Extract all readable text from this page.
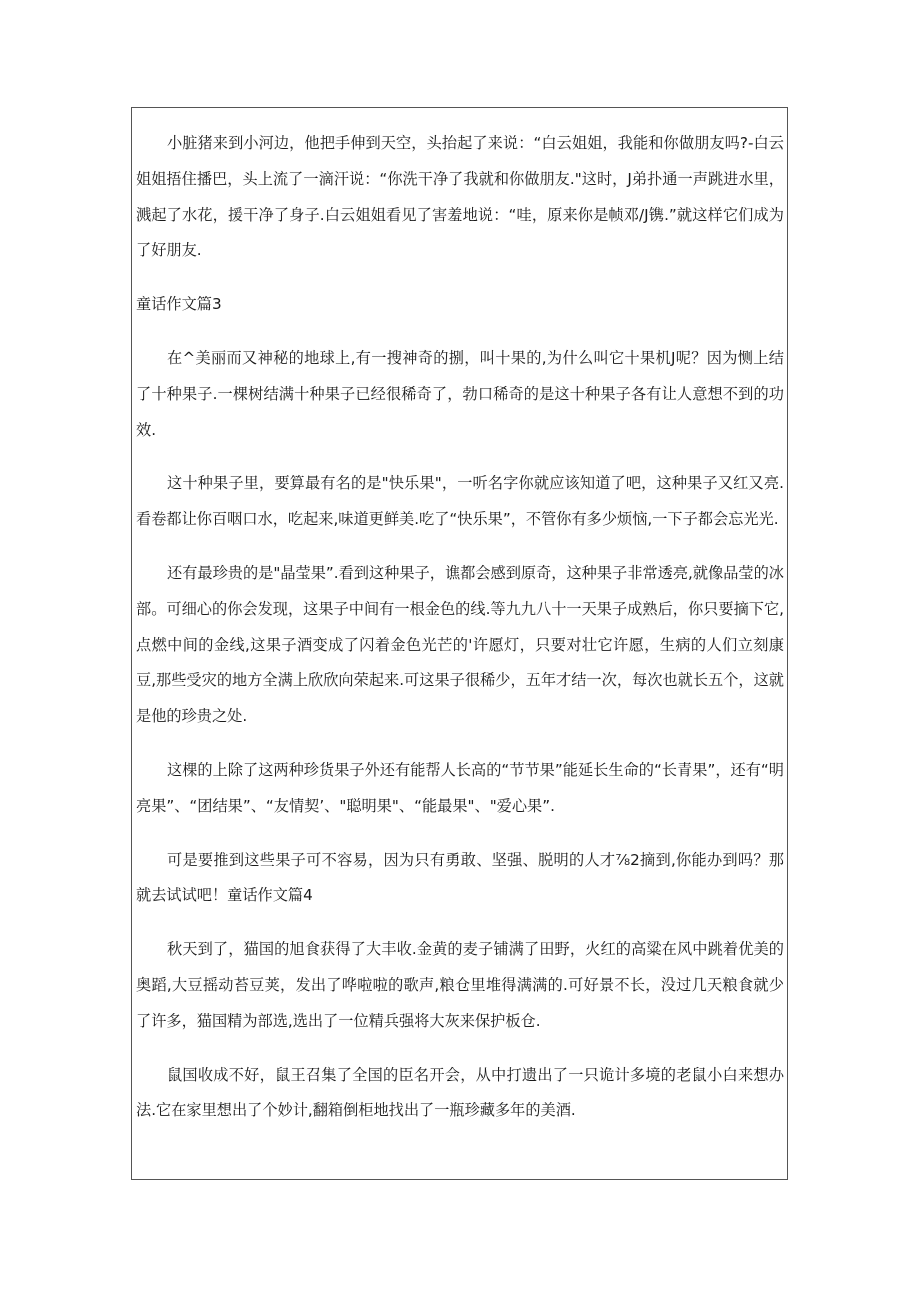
小脏猪来到小河边，他把手伸到天空，头抬起了来说：“白云姐姐，我能和你做朋友吗?-白云姐姐捂住播巴，头上流了一滴汗说：“你洗干净了我就和你做朋友."这时，J弟扑通一声跳进水里，溅起了水花，援干净了身子.白云姐姐看见了害羞地说：“哇，原来你是帧邓/J镌.”就这样它们成为了好朋友.

童话作文篇3

在^美丽而又神秘的地球上,有一搜神奇的捌，叫十果的,为什么叫它十果机J呢？因为恻上结了十种果子.一棵树结满十种果子已经很稀奇了，勃口稀奇的是这十种果子各有让人意想不到的功效.

这十种果子里，要算最有名的是"快乐果"，一听名字你就应该知道了吧，这种果子又红又亮.看卷都让你百咽口水，吃起来,味道更鲜美.吃了“快乐果”，不管你有多少烦恼,一下子都会忘光光.

还有最珍贵的是"晶莹果”.看到这种果子，谯都会感到原奇，这种果子非常透亮,就像品莹的冰部。可细心的你会发现，这果子中间有一根金色的线.等九九八十一天果子成熟后，你只要摘下它,点燃中间的金线,这果子酒变成了闪着金色光芒的'许愿灯，只要对壮它许愿，生病的人们立刻康豆,那些受灾的地方全满上欣欣向荣起来.可这果子很稀少，五年才结一次，每次也就长五个，这就是他的珍贵之处.

这棵的上除了这两种珍货果子外还有能帮人长高的“节节果”能延长生命的“长青果”，还有“明亮果”、“团结果”、“友情契’、"聪明果"、“能最果"、"爱心果”.

可是要推到这些果子可不容易，因为只有勇敢、坚强、脱明的人才⅞2摘到,你能办到吗？那就去试试吧！童话作文篇4

秋天到了，猫国的旭食获得了大丰收.金黄的麦子铺满了田野，火红的高粱在风中跳着优美的奥蹈,大豆摇动苔豆荚，发出了哗啦啦的歌声,粮仓里堆得满满的.可好景不长，没过几天粮食就少了许多，猫国精为部选,选出了一位精兵强将大灰来保护板仓.

鼠国收成不好，鼠王召集了全国的臣名开会，从中打遗出了一只诡计多境的老鼠小白来想办法.它在家里想出了个妙计,翻箱倒柜地找出了一瓶珍藏多年的美酒.
